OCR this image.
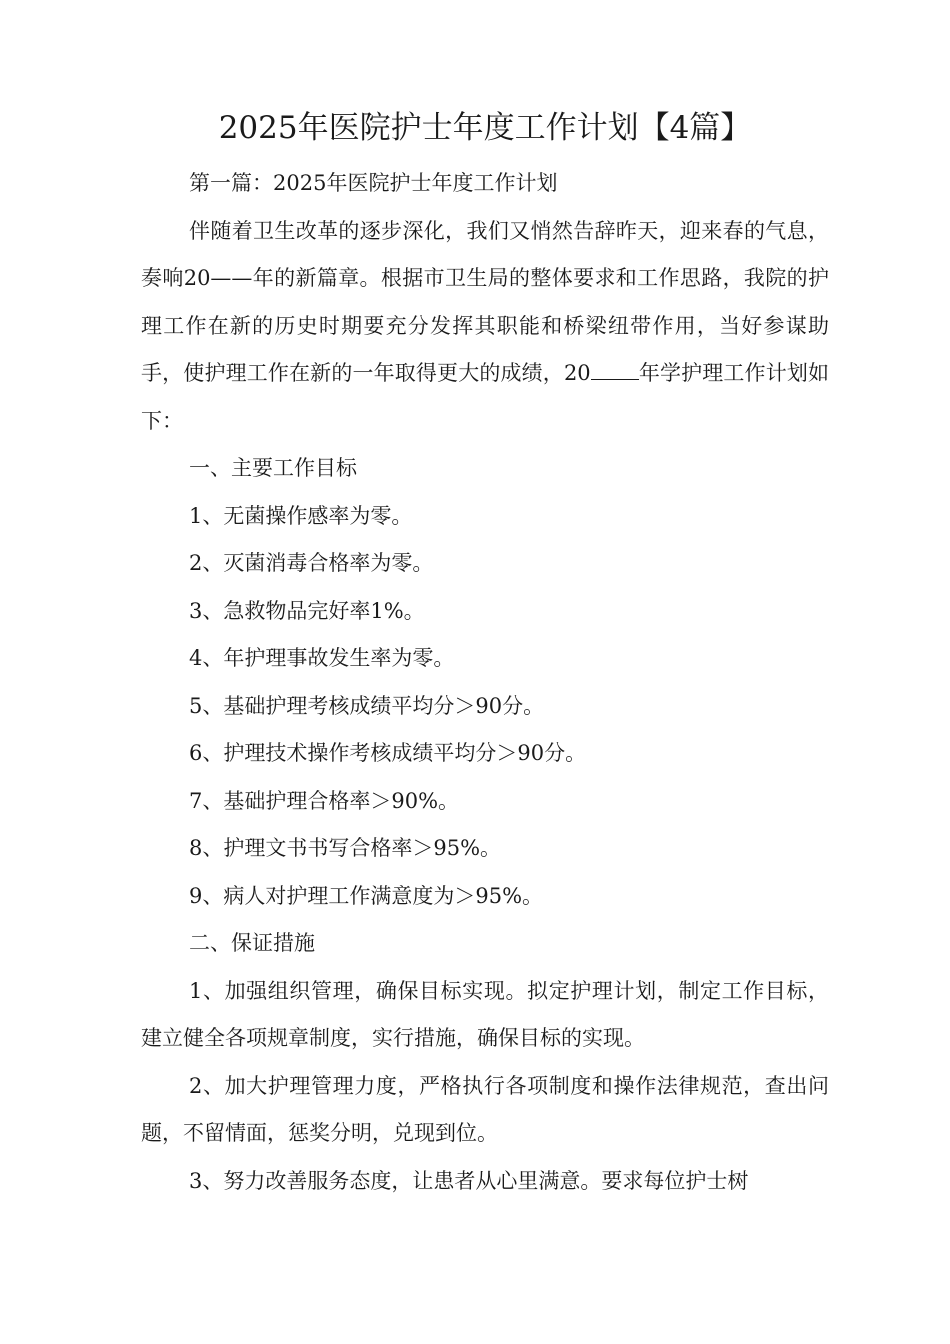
2025年医院护士年度工作计划【4篇】

第一篇：2025年医院护士年度工作计划

伴随着卫生改革的逐步深化，我们又悄然告辞昨天，迎来春的气息，奏响20——年的新篇章。根据市卫生局的整体要求和工作思路，我院的护理工作在新的历史时期要充分发挥其职能和桥梁纽带作用，当好参谋助手，使护理工作在新的一年取得更大的成绩，20 年学护理工作计划如下：

一、主要工作目标

1、无菌操作感率为零。

2、灭菌消毒合格率为零。

3、急救物品完好率1%。

4、年护理事故发生率为零。

5、基础护理考核成绩平均分＞90分。

6、护理技术操作考核成绩平均分＞90分。

7、基础护理合格率＞90%。

8、护理文书书写合格率＞95%。

9、病人对护理工作满意度为＞95%。

二、保证措施

1、加强组织管理，确保目标实现。拟定护理计划，制定工作目标，建立健全各项规章制度，实行措施，确保目标的实现。

2、加大护理管理力度，严格执行各项制度和操作法律规范，查出问题，不留情面，惩奖分明，兑现到位。

3、努力改善服务态度，让患者从心里满意。要求每位护士树
